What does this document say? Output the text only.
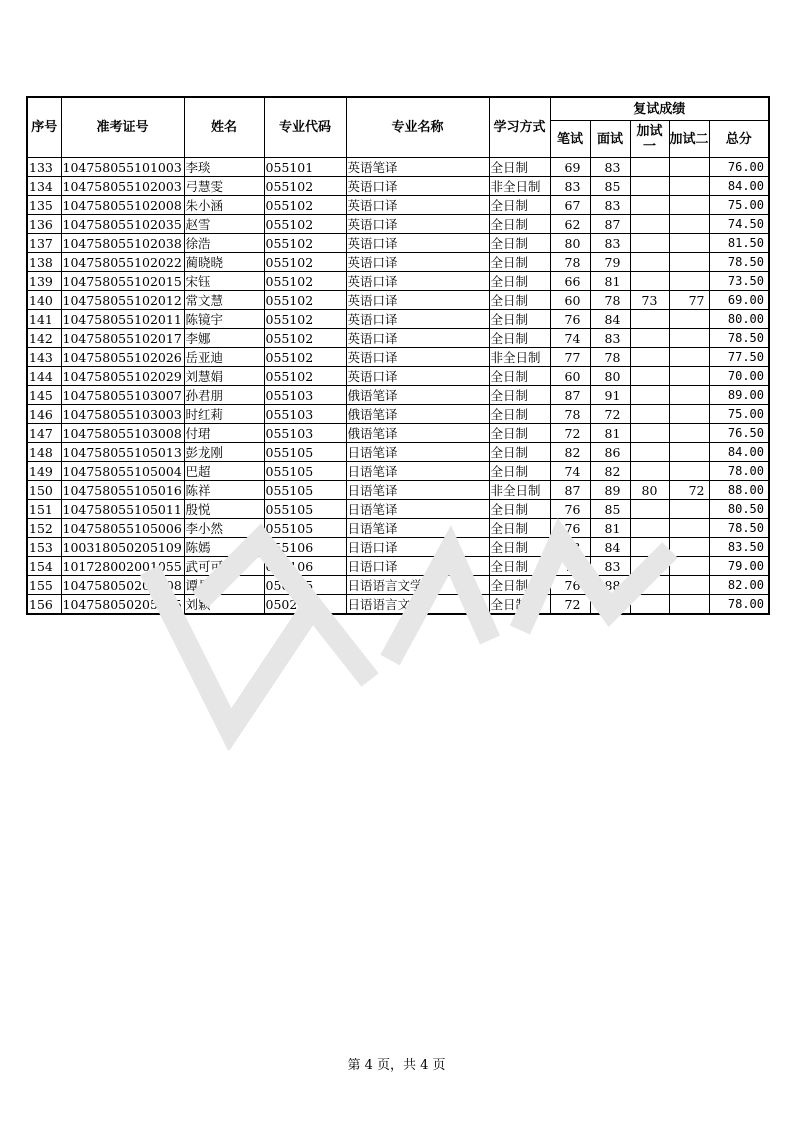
序号	准考证号	姓名	专业代码	专业名称	学习方式	复试成绩				
						笔试	面试	加试一	加试二	总分
133	104758055101003	李琰	055101	英语笔译	全日制	69	83			76.00
134	104758055102003	弓慧雯	055102	英语口译	非全日制	83	85			84.00
135	104758055102008	朱小涵	055102	英语口译	全日制	67	83			75.00
136	104758055102035	赵雪	055102	英语口译	全日制	62	87			74.50
137	104758055102038	徐浩	055102	英语口译	全日制	80	83			81.50
138	104758055102022	蔺晓晓	055102	英语口译	全日制	78	79			78.50
139	104758055102015	宋钰	055102	英语口译	全日制	66	81			73.50
140	104758055102012	常文慧	055102	英语口译	全日制	60	78	73	77	69.00
141	104758055102011	陈镜宇	055102	英语口译	全日制	76	84			80.00
142	104758055102017	李娜	055102	英语口译	全日制	74	83			78.50
143	104758055102026	岳亚迪	055102	英语口译	非全日制	77	78			77.50
144	104758055102029	刘慧娟	055102	英语口译	全日制	60	80			70.00
145	104758055103007	孙君朋	055103	俄语笔译	全日制	87	91			89.00
146	104758055103003	时红莉	055103	俄语笔译	全日制	78	72			75.00
147	104758055103008	付珺	055103	俄语笔译	全日制	72	81			76.50
148	104758055105013	彭龙刚	055105	日语笔译	全日制	82	86			84.00
149	104758055105004	巴超	055105	日语笔译	全日制	74	82			78.00
150	104758055105016	陈祥	055105	日语笔译	非全日制	87	89	80	72	88.00
151	104758055105011	殷悦	055105	日语笔译	全日制	76	85			80.50
152	104758055105006	李小然	055105	日语笔译	全日制	76	81			78.50
153	100318050205109	陈嫣	055106	日语口译	全日制	83	84			83.50
154	101728002001055	武可可	055106	日语口译	全日制	75	83			79.00
155	104758050205008	谭星晨	050205	日语语言文学	全日制	76	88			82.00
156	104758050205005	刘颖	050205	日语语言文学	全日制	72	84			78.00
第 4 页，共 4 页
